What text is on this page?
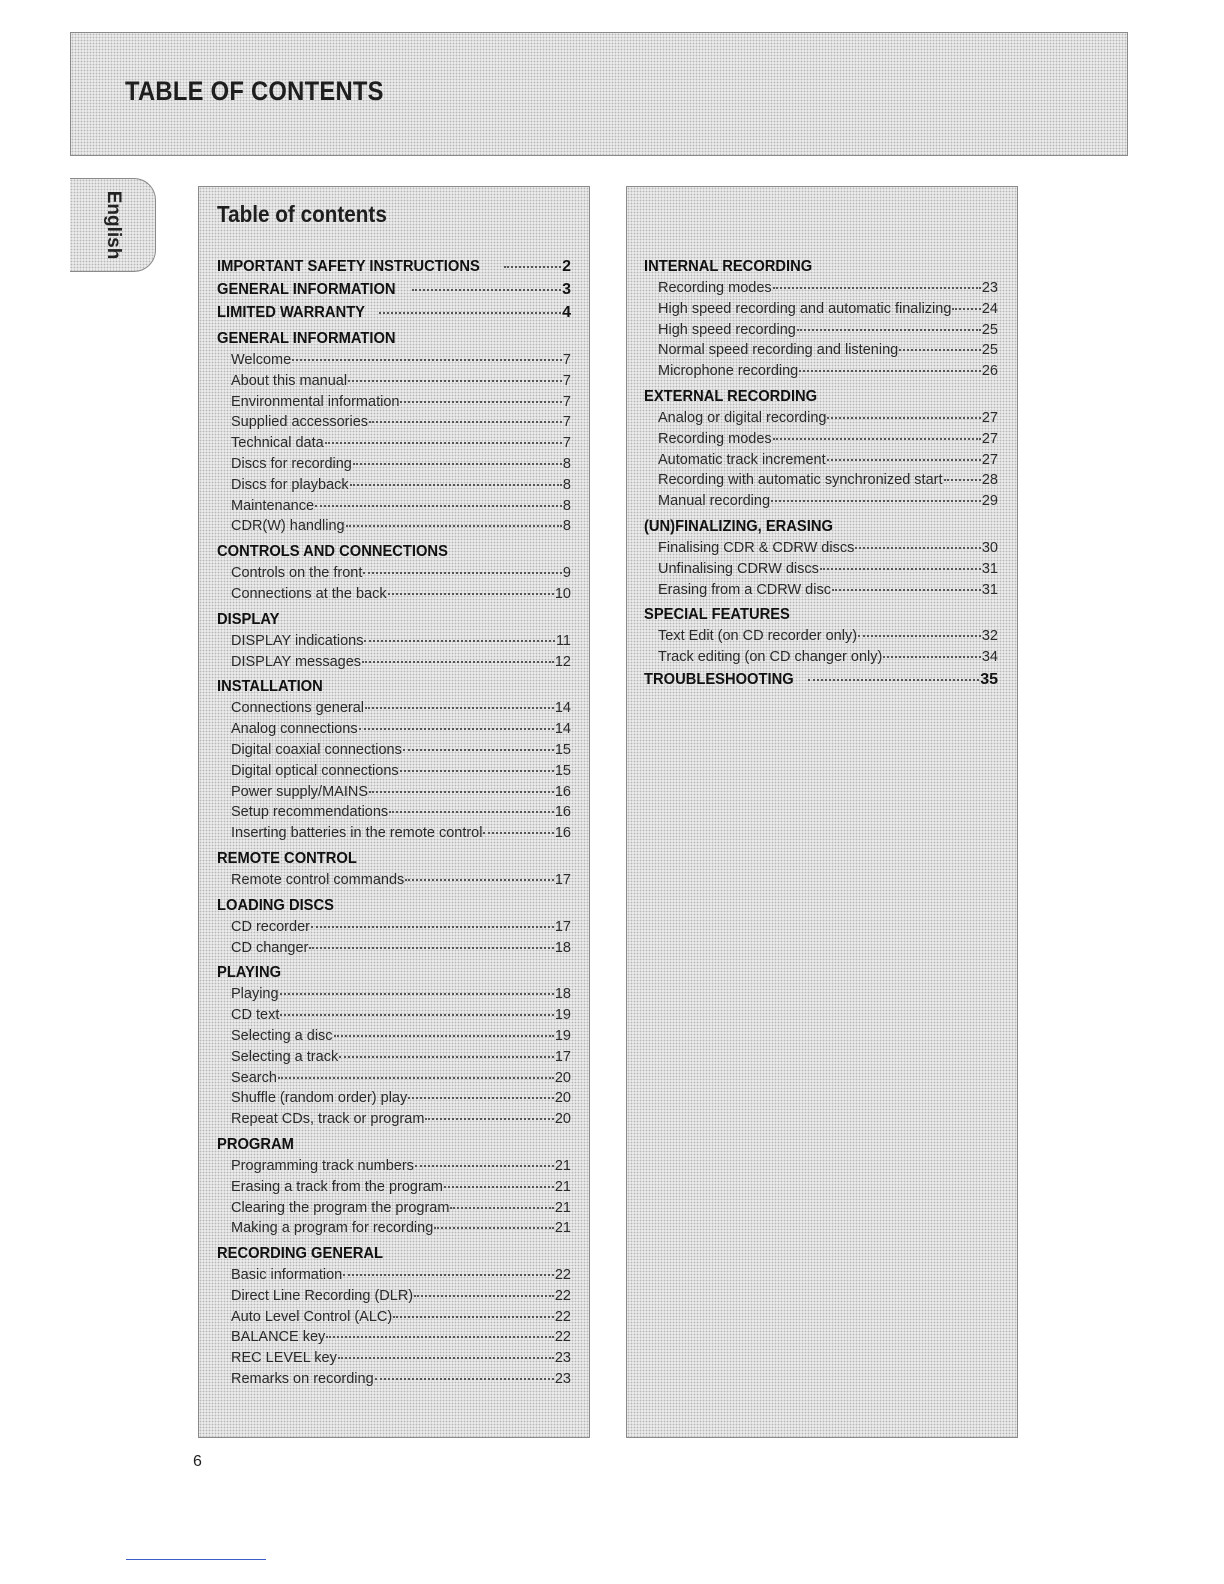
TABLE OF CONTENTS
English	Table of contents
IMPORTANT SAFETY INSTRUCTIONS	2
GENERAL INFORMATION	3
LIMITED WARRANTY	4
GENERAL INFORMATION
Welcome	7
About this manual	7
Environmental information	7
Supplied accessories	7
Technical data	7
Discs for recording	8
Discs for playback	8
Maintenance	8
CDR(W) handling	8
CONTROLS AND CONNECTIONS
Controls on the front	9
Connections at the back	10
DISPLAY
DISPLAY indications	11
DISPLAY messages	12
INSTALLATION
Connections general	14
Analog connections	14
Digital coaxial connections	15
Digital optical connections	15
Power supply/MAINS	16
Setup recommendations	16
Inserting batteries in the remote control	16
REMOTE CONTROL
Remote control commands	17
LOADING DISCS
CD recorder	17
CD changer	18
PLAYING
Playing	18
CD text	19
Selecting a disc	19
Selecting a track	17
Search	20
Shuffle (random order) play	20
Repeat CDs, track or program	20
PROGRAM
Programming track numbers	21
Erasing a track from the program	21
Clearing the program the program	21
Making a program for recording	21
RECORDING GENERAL
Basic information	22
Direct Line Recording (DLR)	22
Auto Level Control (ALC)	22
BALANCE key	22
REC LEVEL key	23
Remarks on recording	23
INTERNAL RECORDING
Recording modes	23
High speed recording and automatic finalizing 24
High speed recording	25
Normal speed recording and listening	25
Microphone recording	26
EXTERNAL RECORDING
Analog or digital recording	27
Recording modes	27
Automatic track increment	27
Recording with automatic synchronized start	28
Manual recording	29
(UN)FINALIZING, ERASING
Finalising CDR & CDRW discs	30
Unfinalising CDRW discs	31
Erasing from a CDRW disc	31
SPECIAL FEATURES
Text Edit (on CD recorder only)	32
Track editing (on CD changer only)	34
TROUBLESHOOTING	35
6
